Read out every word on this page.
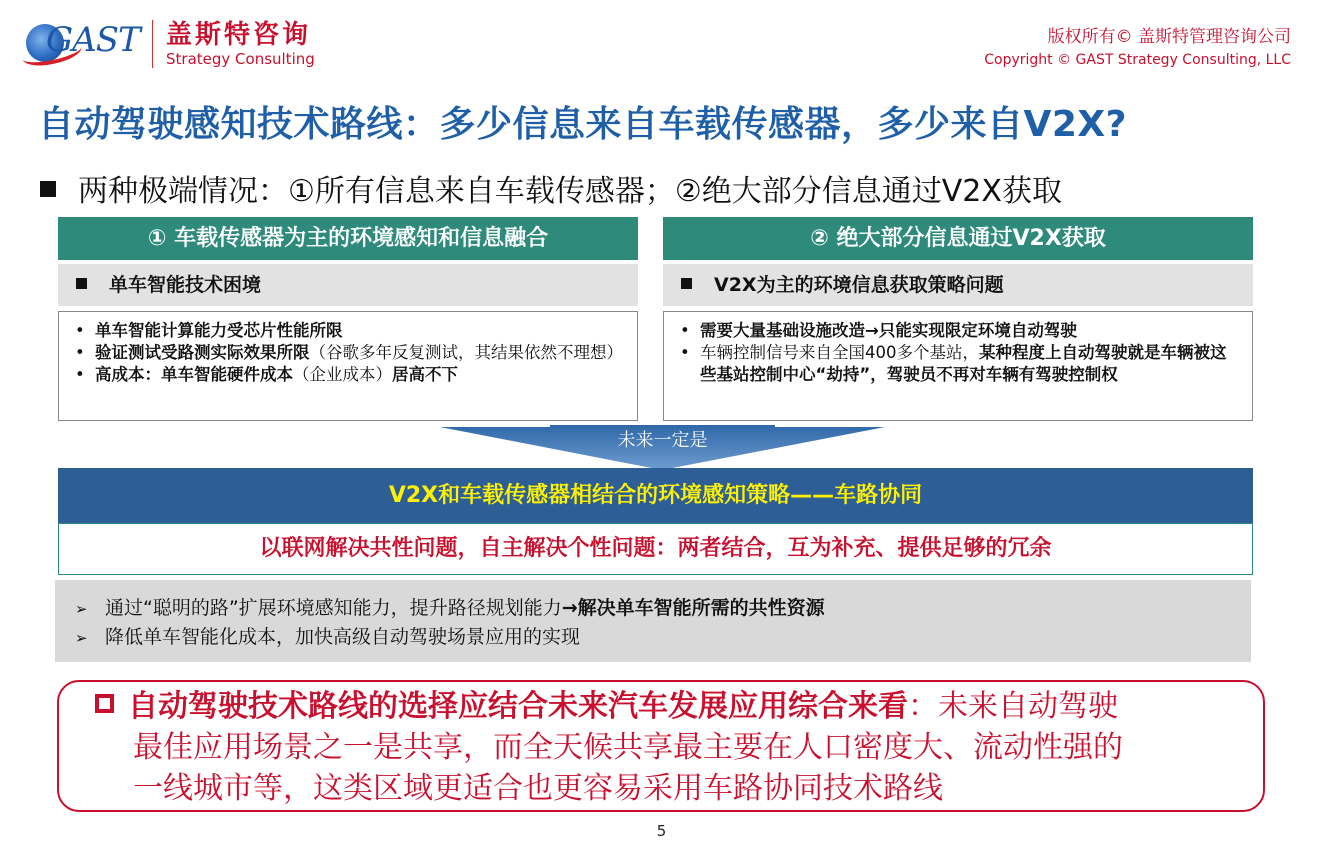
GAST 盖斯特咨询
Strategy Consulting
版权所有© 盖斯特管理咨询公司
Copyright © GAST Strategy Consulting, LLC
自动驾驶感知技术路线：多少信息来自车载传感器，多少来自V2X?
两种极端情况：①所有信息来自车载传感器；②绝大部分信息通过V2X获取
① 车载传感器为主的环境感知和信息融合
单车智能技术困境
• 单车智能计算能力受芯片性能所限
• 验证测试受路测实际效果所限（谷歌多年反复测试，其结果依然不理想）
• 高成本：单车智能硬件成本（企业成本）居高不下
② 绝大部分信息通过V2X获取
V2X为主的环境信息获取策略问题
• 需要大量基础设施改造→只能实现限定环境自动驾驶
• 车辆控制信号来自全国400多个基站，某种程度上自动驾驶就是车辆被这些基站控制中心“劫持”，驾驶员不再对车辆有驾驶控制权
未来一定是
V2X和车载传感器相结合的环境感知策略——车路协同
以联网解决共性问题，自主解决个性问题：两者结合，互为补充、提供足够的冗余
➢ 通过“聪明的路”扩展环境感知能力，提升路径规划能力→解决单车智能所需的共性资源
➢ 降低单车智能化成本，加快高级自动驾驶场景应用的实现
自动驾驶技术路线的选择应结合未来汽车发展应用综合来看：未来自动驾驶
最佳应用场景之一是共享，而全天候共享最主要在人口密度大、流动性强的
一线城市等，这类区域更适合也更容易采用车路协同技术路线
5
